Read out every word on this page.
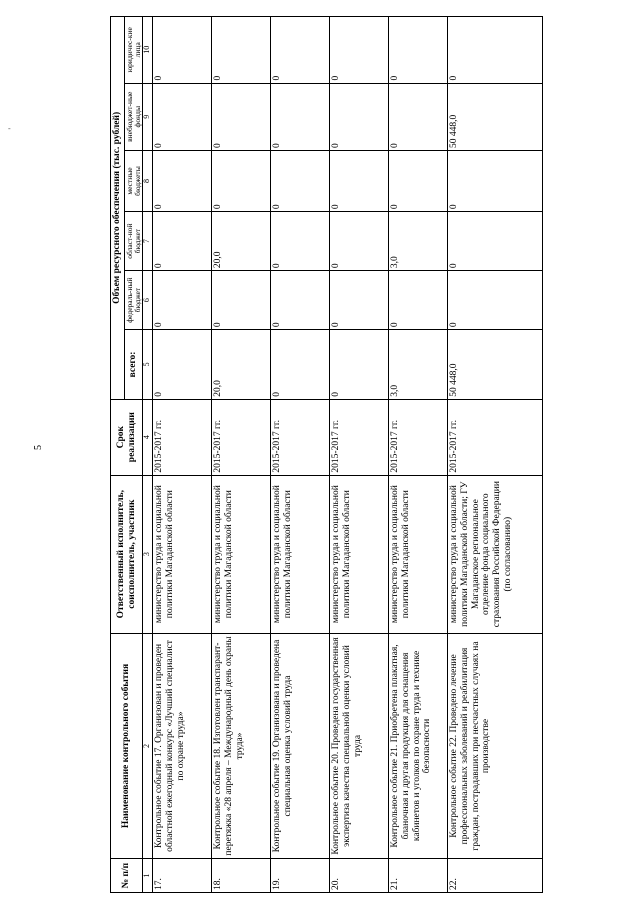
5
-
№ п/п	Наименование контрольного события	Ответственный исполнитель, соисполнитель, участник	Срок реализации	Объем ресурсного обеспечения (тыс. рублей)					
				всего:	федераль-ный бюджет	област-ной бюджет	местные бюджеты	внебюджет-ные фонды	юридичес-кие лица
1	2	3	4	5	6	7	8	9	10
17.	Контрольное событие 17. Организован и проведен областной ежегодный конкурс «Лучший специалист по охране труда»	министерство труда и социальной политики Магаданской области	2015-2017 гг.	0	0	0	0	0	0
18.	Контрольное событие 18. Изготовлен транспарант-перетяжка «28 апреля – Международный день охраны труда»	министерство труда и социальной политики Магаданской области	2015-2017 гг.	20,0	0	20,0	0	0	0
19.	Контрольное событие 19. Организована и проведена специальная оценка условий труда	министерство труда и социальной политики Магаданской области	2015-2017 гг.	0	0	0	0	0	0
20.	Контрольное событие 20. Проведена государственная экспертиза качества специальной оценки условий труда	министерство труда и социальной политики Магаданской области	2015-2017 гг.	0	0	0	0	0	0
21.	Контрольное событие 21. Приобретена плакатная, бланочная и другая продукция для оснащения кабинетов и уголков по охране труда и технике безопасности	министерство труда и социальной политики Магаданской области	2015-2017 гг.	3,0	0	3,0	0	0	0
22.	Контрольное событие 22. Проведено лечение профессиональных заболеваний и реабилитация граждан, пострадавших при несчастных случаях на производстве	министерство труда и социальной политики Магаданской области; ГУ Магаданское региональное отделение фонда социального страхования Российской Федерации (по согласованию)	2015-2017 гг.	50 448,0	0	0	0	50 448,0	0
